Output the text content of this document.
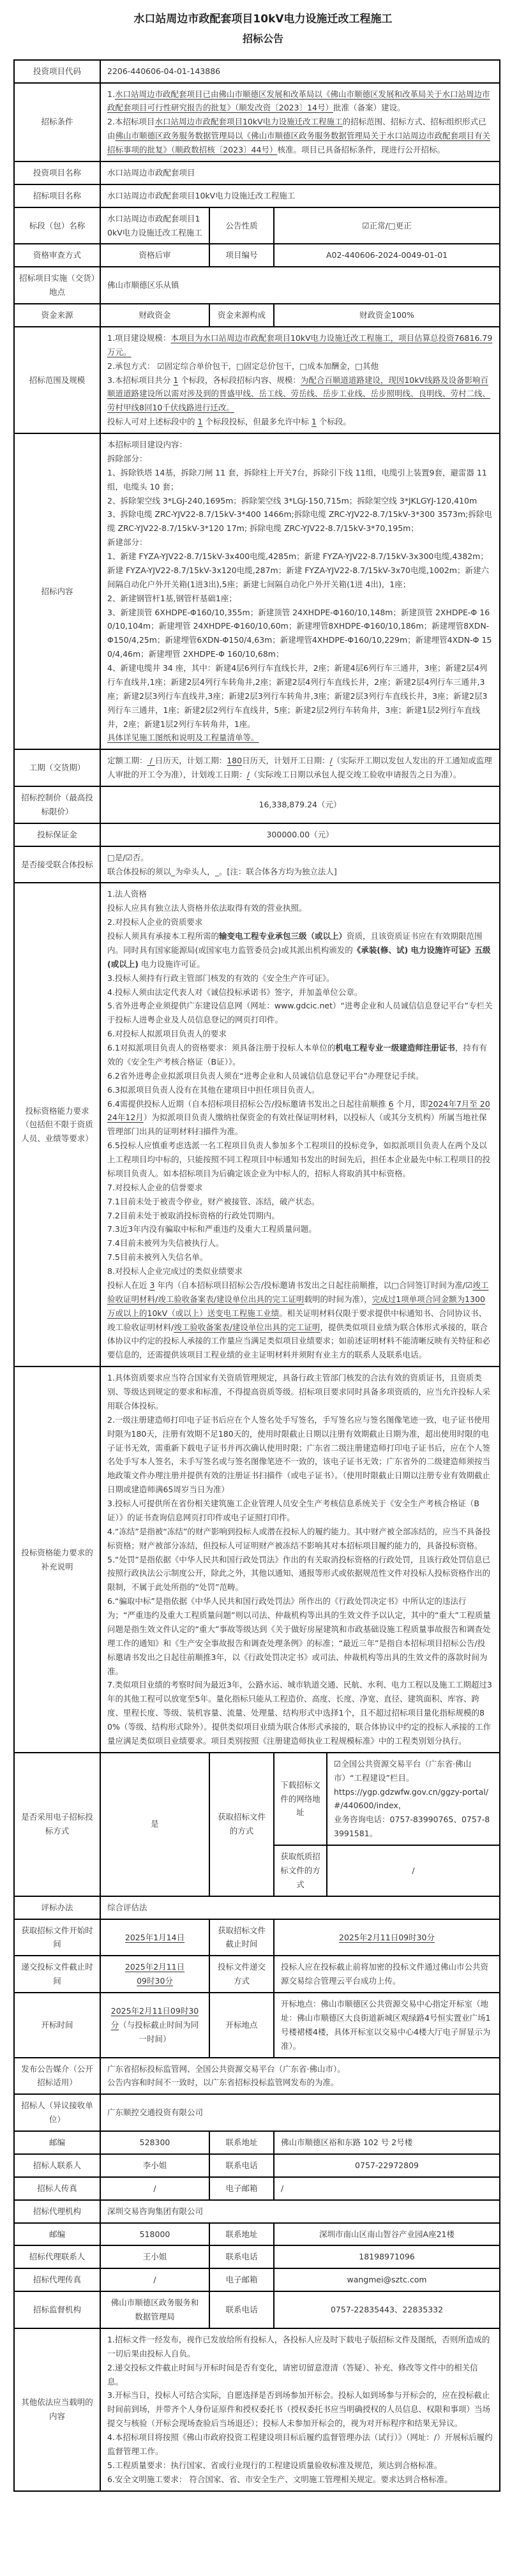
水口站周边市政配套项目10kV电力设施迁改工程施工
招标公告
投资项目代码	2206-440606-04-01-143886			
招标条件	1.水口站周边市政配套项目已由佛山市顺德区发展和改革局以《佛山市顺德区发展和改革局关于水口站周边市政配套项目可行性研究报告的批复》（顺发改资〔2023〕14号）批准（备案）建设。
2.本招标项目水口站周边市政配套项目10kV电力设施迁改工程施工的招标范围、招标方式、招标组织形式已由佛山市顺德区政务服务数据管理局以《佛山市顺德区政务服务数据管理局关于水口站周边市政配套项目有关招标事项的批复》（顺政数招核〔2023〕44号）核准。项目已具备招标条件，现进行公开招标。			
投资项目名称	水口站周边市政配套项目			
招标项目名称	水口站周边市政配套项目10kV电力设施迁改工程施工			
标段（包）名称	水口站周边市政配套项目10kV电力设施迁改工程施工	公告性质	☑正常/□更正	
资格审查方式	资格后审	项目编号	A02-440606-2024-0049-01-01	
招标项目实施（交货）地点	佛山市顺德区乐从镇			
资金来源	财政资金	资金来源构成	财政资金100%	
招标范围及规模	1.项目建设规模：本项目为水口站周边市政配套项目10kV电力设施迁改工程施工，项目估算总投资76816.79万元。
2.承包方式： ☑固定综合单价包干，□固定总价包干，□成本加酬金，□其他
3.本招标项目共分 1 个标段，各标段招标内容、规模：为配合百顺道道路建设，现因10kV线路及设备影响百顺道道路建设所以需对涉及到的晋盛甲线、岳工线、劳岳线、岳步工业线、岳步照明线、良明线、劳村二线、劳村甲线8回10千伏线路进行迁改。
投标人可对上述标段中的 1 个标段投标，但最多允许中标 1 个标段。			
招标内容	本招标项目建设内容：
拆除部分：
1、拆除铁塔 14基，拆除刀闸 11 套，拆除柱上开关7台，拆除引下线 11组，电缆引上装置9套，避雷器 11 组，电缆头 10 套；
2、拆除架空线 3*LGJ-240,1695m；拆除架空线 3*LGJ-150,715m；拆除架空线 3*JKLGYJ-120,410m
3、拆除电缆 ZRC-YJV22-8.7/15kV-3*400 1466m;拆除电缆 ZRC-YJV22-8.7/15kV-3*300 3573m;拆除电缆 ZRC-YJV22-8.7/15kV-3*120 17m; 拆除电缆 ZRC-YJV22-8.7/15kV-3*70,195m；
新建部分：
1、新建 FYZA-YJV22-8.7/15kV-3x400电缆,4285m；新建 FYZA-YJV22-8.7/15kV-3x300电缆,4382m；新建 FYZA-YJV22-8.7/15kV-3x120电缆,287m；新建 FYZA-YJV22-8.7/15kV-3x70电缆,1002m；新建六间隔自动化户外开关箱(1进3出),5座；新建七间隔自动化户外开关箱(1进 4出)，1座；
2、新建钢管杆1基,钢管杆基础1座；
3、新建顶管 6XHDPE-Φ160/10,355m；新建顶管 24XHDPE-Φ160/10,148m；新建顶管 2XHDPE-Φ 160/10,104m；新建埋管 24XHDPE-Φ160/10,60m；新建埋管8XHDPE-Φ160/10,186m；新建埋管8XDN-Φ150/4,25m；新建埋管6XDN-Φ150/4,63m；新建埋管4XHDPE-Φ160/10,229m；新建埋管4XDN-Φ 150/4,46m；新建埋管 2XHDPE-Φ 160/10,68m；
4、新建电缆井 34 座，其中：新建4层6列行车直线长井，2座；新建4层6列行车三通井，3座；新建2层4列行车直线井,1座；新建2层4列行车转角井,2座；新建2层4列行车直线长井，2座；新建2层4列行车三通井,3座；新建2层3列行车直线井,3座；新建2层3列行车转角井,3座；新建2层3列行车直线长井，3座；新建2层3列行车三通井，1座；新建2层2列行车直线井，5座；新建2层2列行车转角井，3座；新建1层2列行车直线井，2座；新建1层2列行车转角井，1座。
具体详见施工图纸和说明及工程量清单等。
工期（交货期）	定额工期： / 日历天，计划工期：180日历天，计划开工日期：/（实际开工期以发包人发出的开工通知或监理人审批的开工令为准），计划竣工日期：/（实际竣工日期以承包人提交竣工验收申请报告之日为准）。			
招标控制价（最高投标限价）	16,338,879.24（元）			
投标保证金	300000.00（元）			
是否接受联合体投标	□是/☑否。
联合体投标的须以_为牵头人，_。[注：联合体各方均为独立法人]			
投标资格能力要求（包括但不限于资质人员、业绩等要求）	1.法人资格
投标人应具有独立法人资格并依法取得有效的营业执照。
2.对投标人企业的资质要求
投标人须具有承接本工程所需的输变电工程专业承包三级（或以上）资质，且该资质证书应在有效期限范围内。同时具有国家能源局(或国家电力监管委员会)或其派出机构颁发的《承装(修、试) 电力设施许可证》五级(或以上) 电力设施许可证。
3.投标人须持有行政主管部门核发的有效的《安全生产许可证》。
4.投标人须由法定代表人对《诚信投标承诺书》签字，并加盖单位公章。
5.省外进粤企业须提供广东建设信息网（网址：www.gdcic.net）“进粤企业和人员诚信信息登记平台”专栏关于投标人进粤企业及人员信息登记的网页打印件。
6.对投标人拟派项目负责人的要求
6.1对拟派项目负责人的资格要求：须具备注册于投标人本单位的机电工程专业一级建造师注册证书，持有有效的《安全生产考核合格证（B证）》。
6.2省外进粤企业拟派项目负责人须在“进粤企业和人员诚信信息登记平台”办理登记手续。
6.3拟派项目负责人没有在其他在建项目中担任项目负责人。
6.4需提供投标人近期（自本招标项目招标公告/投标邀请书发出之日起往前顺推 6 个月，即2024年7月至 2024年12月）为拟派项目负责人缴纳社保资金的有效社保证明材料，以投标人（或其分支机构）所属当地社保管理部门出具的证明材料扫描件为准。
6.5投标人应慎重考虑选派一名工程项目负责人参加多个工程项目的投标竞争，如拟派项目负责人在两个及以上工程项目均中标的，只能按照不同工程项目中标通知书发出的时间先后，担任本企业最先中标工程项目的投标项目负责人。如本招标项目为后确定该企业为中标人的，招标人将取消其中标资格。
7.对投标人企业的信誉要求
7.1目前未处于被责令停业，财产被接管、冻结，破产状态。
7.2目前未处于被取消投标资格的行政处罚期内。
7.3近3年内没有骗取中标和严重违约及重大工程质量问题。
7.4目前未被列为失信被执行人。
7.5目前未被列入失信名单。
8.对投标人企业完成过的类似业绩要求
投标人在近 3 年内（自本招标项目招标公告/投标邀请书发出之日起往前顺推，以□合同签订时间为准/☑竣工验收证明材料/竣工验收备案表/建设单位出具的完工证明载明的时间为准），完成过1项单项合同金额为1300万或以上的10kV（或以上）送变电工程施工业绩。相关证明材料仅限于要求提供中标通知书、合同协议书、竣工验收证明材料/竣工验收备案表/建设单位出具的完工证明，提供类似项目业绩为联合体形式承接的，联合体协议中约定的投标人承接的工作量应当满足类似项目业绩要求；如前述证明材料不能清晰反映有关特征和必要信息的，还需提供该项目工程业绩的业主证明材料并须附有业主方的联系人及联系电话。
投标资格能力要求的补充说明	1.具体资质要求应当符合国家有关资质管理规定，具备行政主管部门核发的合法有效的资质证书，且资质类别、等级达到规定的要求和标准，不得提高资质等级。招标项目要求同时具备多项资质的，应当允许投标人采用联合体投标。
2.一级注册建造师打印电子证书后应在个人签名处手写签名，手写签名应与签名图像笔迹一致，电子证书使用时限为180天，注册有效期不足180天的，使用时限截止日期以注册有效期截止日期为准，超出使用时限的电子证书无效，需重新下载电子证书并再次确认使用时限；广东省二级注册建造师打印电子证书后，应在个人签名处手写本人签名，未手写签名或与签名图像笔迹不一致的，该电子证书无效；广东省外的二级建造师须按当地政策文件办理注册并提供有效的注册证书扫描件（或电子证书）。（使用时限截止日期以注册专业有效期截止日期或建造师满65周岁当日为准）
3.投标人可提供所在省份相关建筑施工企业管理人员安全生产考核信息系统关于《安全生产考核合格证（B证）》的证书查询信息网页打印件或电子证照打印件。
4.“冻结”是指被“冻结”的财产影响到投标人或潜在投标人的履约能力。其中财产被全部冻结的，应当不具备投标资格；财产被部分冻结，但投标人可证明财产被冻结不影响其对本招标项目履约能力的，具备投标资格。
5.“处罚”是指依据《中华人民共和国行政处罚法》作出的有关取消投标资格的行政处罚，且该行政处罚信息已按照行政执法公示制度公开，除此之外，其他以通知、通报等形式或依据规范性文件对投标人投标资格作出的限制，不属于此处所指的“处罚”范畴。
6.“骗取中标”是指依据《中华人民共和国行政处罚法》所作出的《行政处罚决定书》中所认定的违法行为；“严重违约及重大工程质量问题”则以司法、仲裁机构等出具的生效文件予以认定，其中的“重大”工程质量问题是指生效文件认定的“重大”事故等级达到《关于做好房屋建筑和市政基础设施工程质量事故报告和调查处理工作的通知》和《生产安全事故报告和调查处理条例》的标准；“最近三年”是指自本招标项目招标公告/投标邀请书发出之日起往前顺推3年，以《行政处罚决定书》或司法、仲裁机构等出具的生效文件的落款时间为准。
7.类似项目业绩的考察时间为最近3年，公路水运、城市轨道交通、民航、水利、电力工程以及施工工期超过3年的其他工程可以放宽至5年。量化指标只能从工程造价、高度、长度、净宽、直径、建筑面积、库容、跨度、里程长度、等级、装机容量、流量、处理量、结构形式中选择1个，且不超过招标项目量化指标规模的80%（等级、结构形式除外）。提供类似项目业绩为联合体形式承接的，联合体协议中约定的投标人承接的工作量应满足类似项目业绩要求。项目类别按照《注册建造师执业工程规模标准》中的工程类别划分执行。
是否采用电子招标投标方式	是	获取招标文件的方式	下载招标文件的网络地址	☑全国公共资源交易平台（广东省·佛山市）“工程建设”栏目。
https://ygp.gdzwfw.gov.cn/ggzy-portal/#/440600/index，
业务咨询电话：0757-83990765、0757-83991581。
			获取纸质招标文件的方式	/
评标办法	综合评估法			
获取招标文件开始时间	2025年1月14日	获取招标文件截止时间	2025年2月11日09时30分	
递交投标文件截止时间	2025年2月11日
09时30分	投标文件递交方式	投标人应在投标截止前将加密的投标文件通过佛山市公共资源交易综合管理云平台成功上传。	
开标时间	2025年2月11日09时30分（与投标截止时间为同一时间）	开标地点	开标地点：佛山市顺德区公共资源交易中心指定开标室（地址：佛山市顺德区大良街道新城区观绿路4号恒实置业广场1号楼裙楼4楼，具体开标室以交易中心4楼大厅电子屏显示为准）。	
发布公告媒介（公开招标适用）	广东省招标投标监管网、全国公共资源交易平台（广东省·佛山市）。
公告内容和时间不一致时，以广东省招标投标监管网发布的为准。			
招标人（异议接收单位）	广东顺控交通投资有限公司			
邮编	528300	联系地址	佛山市顺德区裕和东路 102 号 2号楼	
招标人联系人	李小姐	联系电话	0757-22972809	
招标人传真	/	电子邮箱	/	
招标代理机构	深圳交易咨询集团有限公司			
邮编	518000	联系地址	深圳市南山区南山智谷产业园A座21楼	
招标代理联系人	王小姐	联系电话	18198971096	
招标代理传真	/	电子邮箱	wangmei@sztc.com	
招标监督机构	佛山市顺德区政务服务和数据管理局	联系电话	0757-22835443、22835332	
其他依法应当载明的内容	1.招标文件一经发布，视作已发放给所有投标人，各投标人应及时下载电子版招标文件及图纸，否则所造成的一切后果由投标人自负。
2.递交投标文件截止时间与开标时间是否有变化，请密切留意澄清（答疑）、补充、修改等文件中的相关信息。
3.开标当日，投标人可结合实际，自愿选择是否到场参加开标会。投标人如到场参与开标会的，应在投标截止时间前到场，并带齐个人身份证原件和授权委托书（授权委托书应当明确授权的人员信息、权限和事项）当场提交与核验（开标会现场查验后当场退还）；投标人未参加开标会的，视为对开标程序和结果无异议。
4.本招标项目将按照《佛山市政府投资工程建设项目标后履约监督管理办法（试行）》（网址：/）开展标后履约监督管理工作。
5.工程质量要求：执行国家、省或行业现行的工程建设质量验收标准及规范，须达到合格标准。
6.安全文明施工要求： 符合国家、省、市安全生产、文明施工管理相关规定。要求达到合格标准。
